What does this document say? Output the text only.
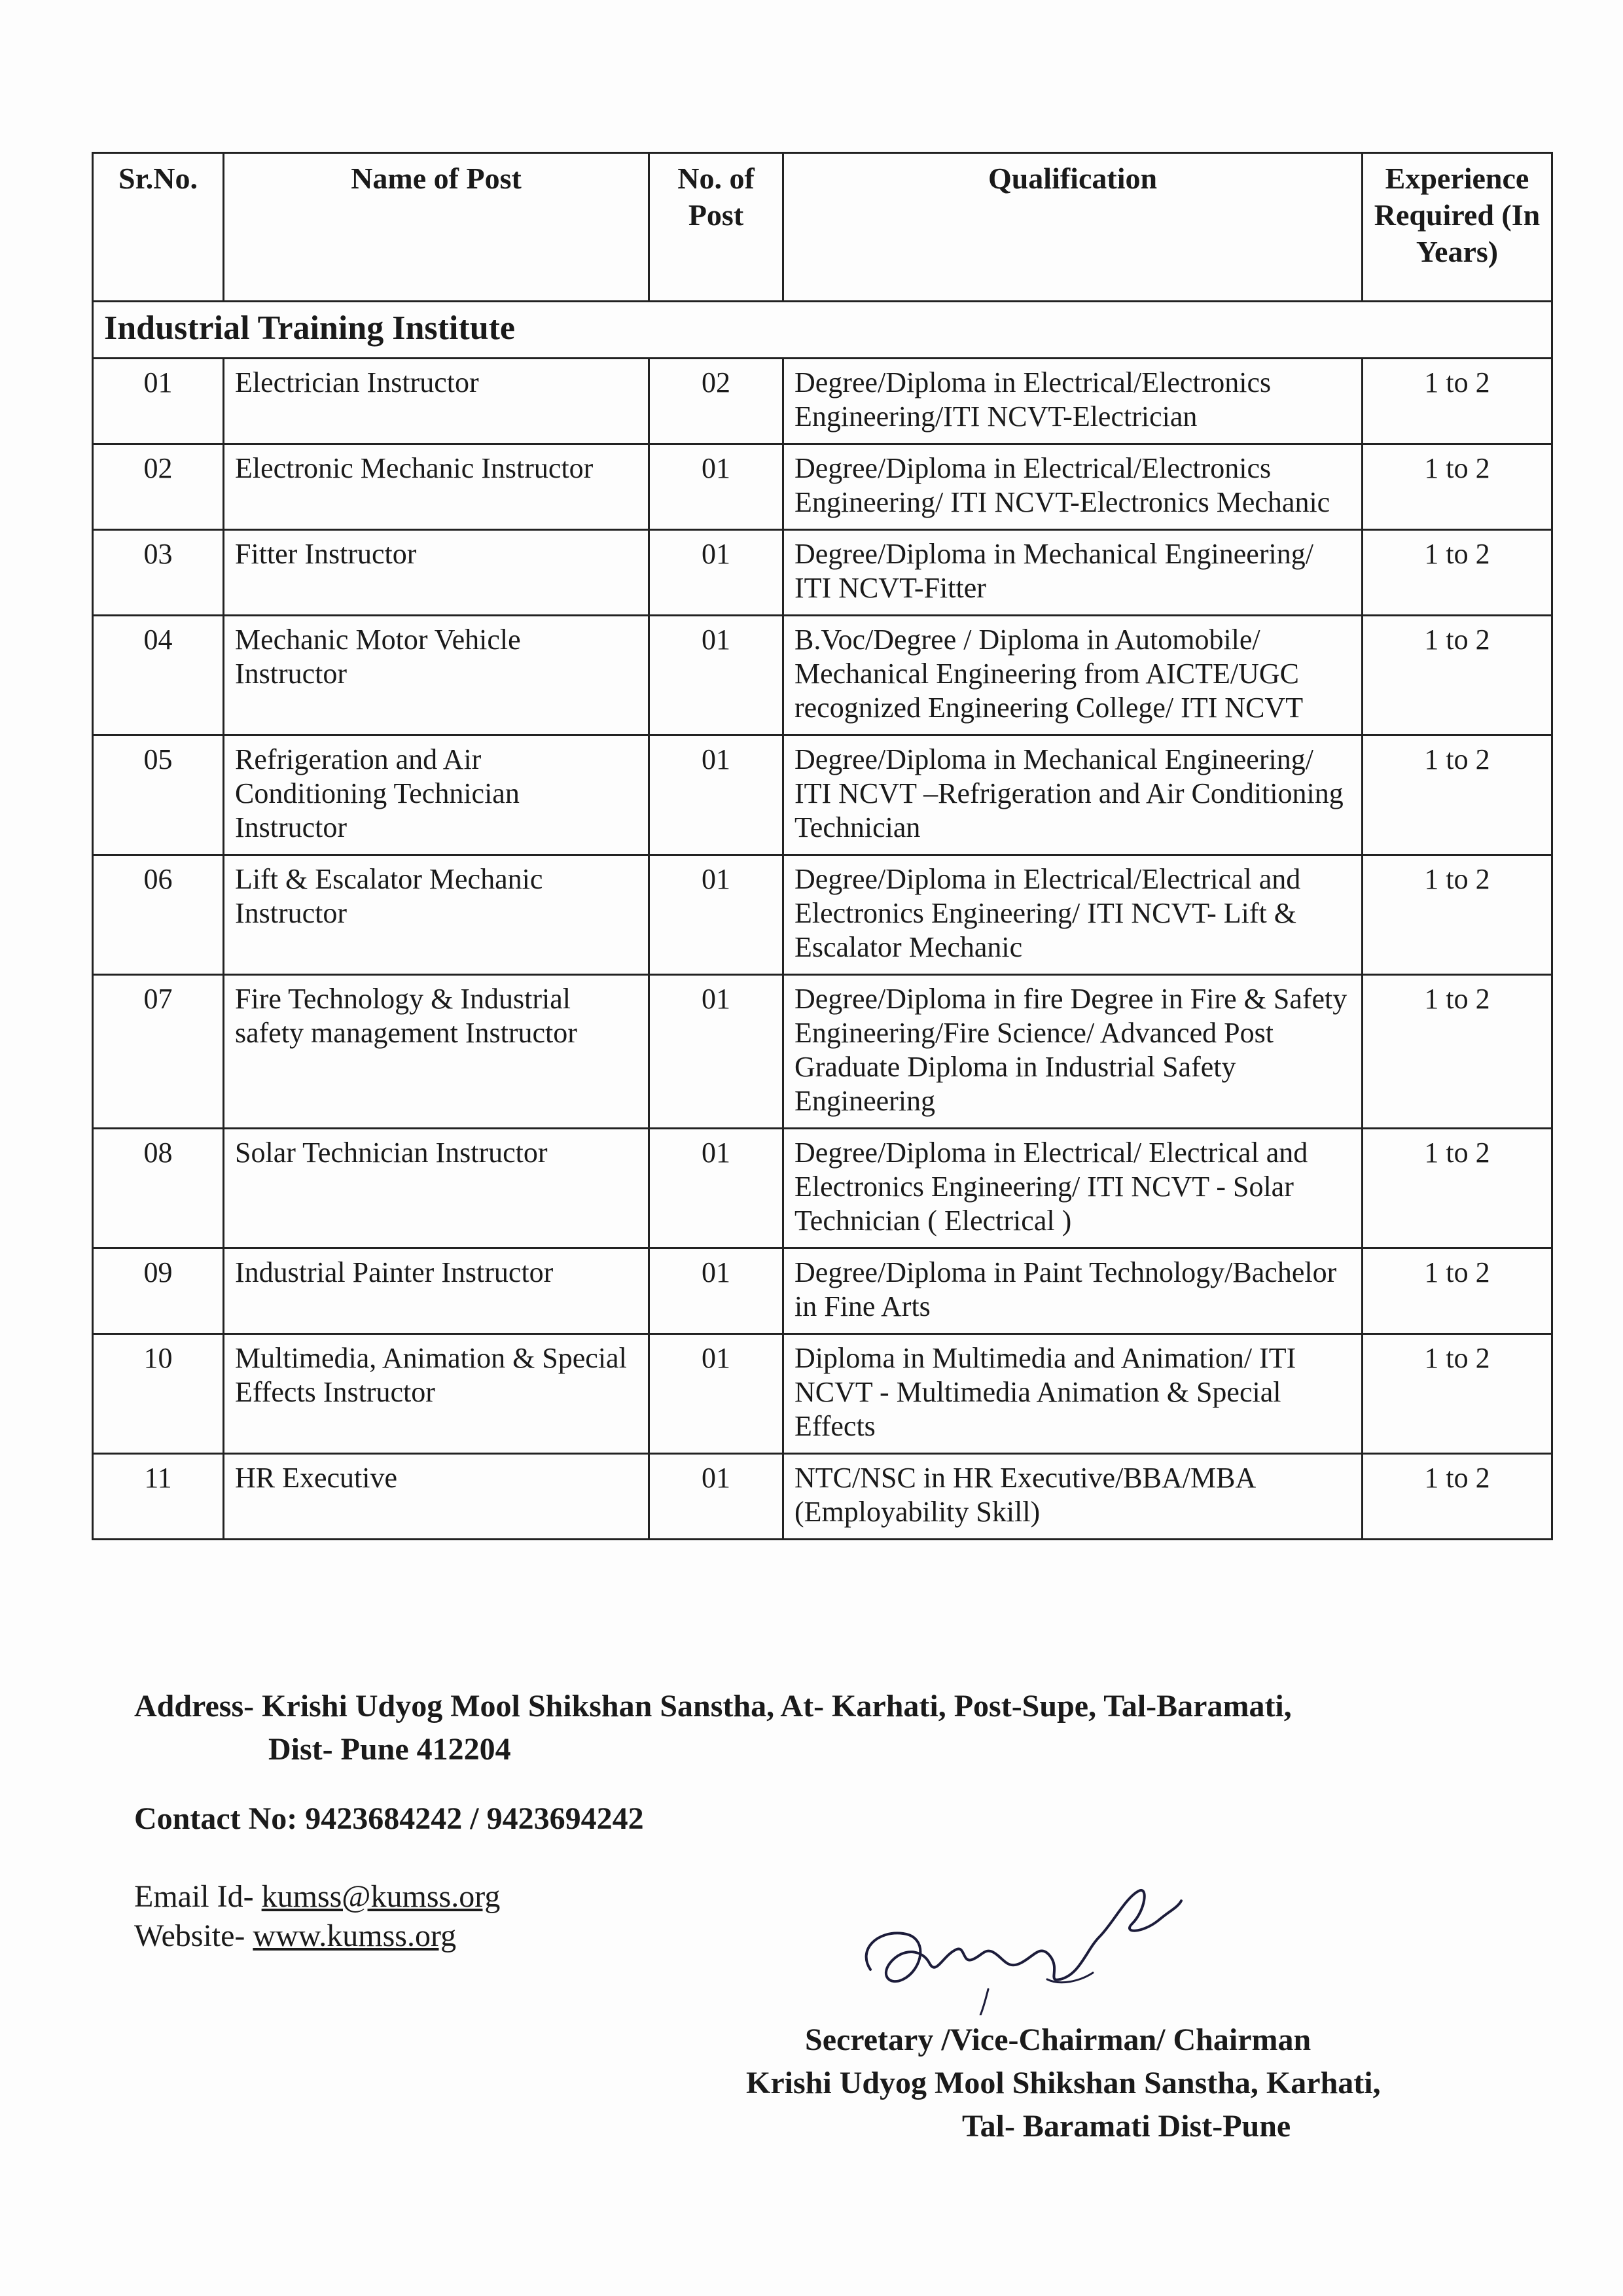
Sr.No.	Name of Post	No. of Post	Qualification	Experience Required (In Years)
Industrial Training Institute				
01	Electrician Instructor	02	Degree/Diploma in Electrical/Electronics Engineering/ITI NCVT-Electrician	1 to 2
02	Electronic Mechanic Instructor	01	Degree/Diploma in Electrical/Electronics Engineering/ ITI NCVT-Electronics Mechanic	1 to 2
03	Fitter Instructor	01	Degree/Diploma in Mechanical Engineering/ ITI NCVT-Fitter	1 to 2
04	Mechanic Motor Vehicle Instructor	01	B.Voc/Degree / Diploma in Automobile/ Mechanical Engineering from AICTE/UGC recognized Engineering College/ ITI NCVT	1 to 2
05	Refrigeration and Air Conditioning Technician Instructor	01	Degree/Diploma in Mechanical Engineering/ ITI NCVT –Refrigeration and Air Conditioning Technician	1 to 2
06	Lift & Escalator Mechanic Instructor	01	Degree/Diploma in Electrical/Electrical and Electronics Engineering/ ITI NCVT- Lift & Escalator Mechanic	1 to 2
07	Fire Technology & Industrial safety management Instructor	01	Degree/Diploma in fire Degree in Fire & Safety Engineering/Fire Science/ Advanced Post Graduate Diploma in Industrial Safety Engineering	1 to 2
08	Solar Technician Instructor	01	Degree/Diploma in Electrical/ Electrical and Electronics Engineering/ ITI NCVT - Solar Technician ( Electrical )	1 to 2
09	Industrial Painter Instructor	01	Degree/Diploma in Paint Technology/Bachelor in Fine Arts	1 to 2
10	Multimedia, Animation & Special Effects Instructor	01	Diploma in Multimedia and Animation/ ITI NCVT - Multimedia Animation & Special Effects	1 to 2
11	HR Executive	01	NTC/NSC in HR Executive/BBA/MBA (Employability Skill)	1 to 2
Address- Krishi Udyog Mool Shikshan Sanstha, At- Karhati, Post-Supe, Tal-Baramati,
Dist- Pune 412204
Contact No: 9423684242 / 9423694242
Email Id- kumss@kumss.org
Website- www.kumss.org
Secretary /Vice-Chairman/ Chairman
Krishi Udyog Mool Shikshan Sanstha, Karhati,
Tal- Baramati Dist-Pune
